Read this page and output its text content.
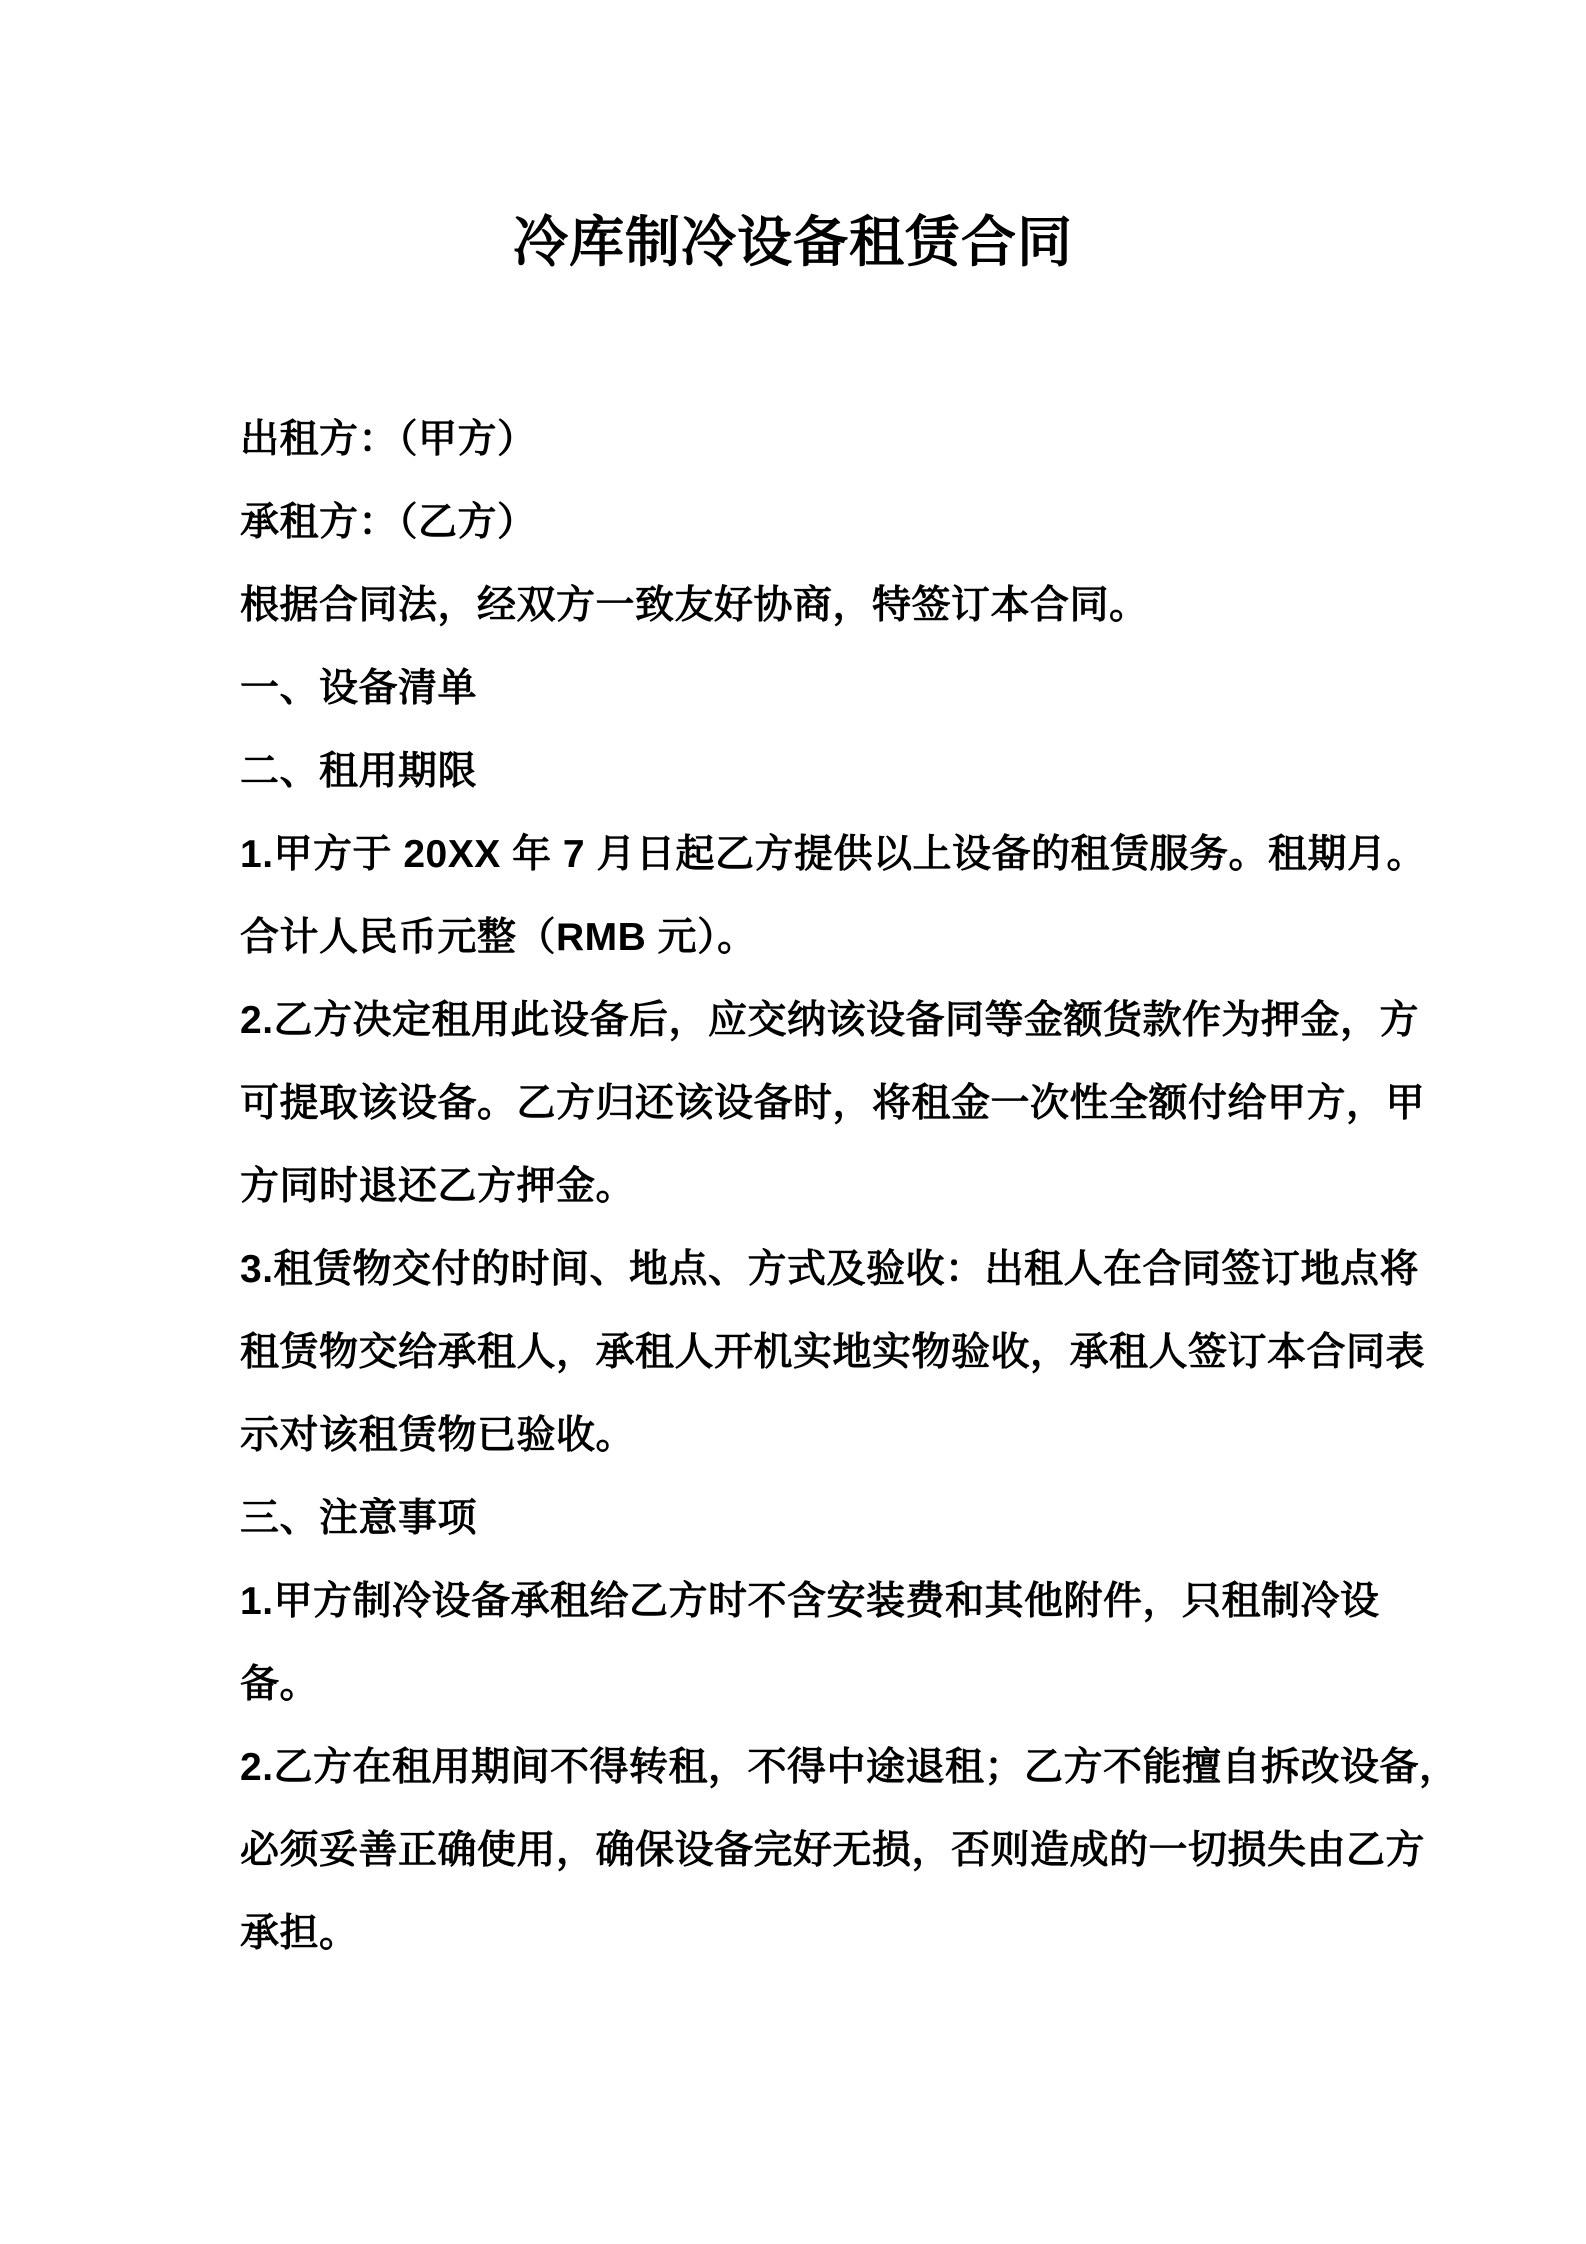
冷库制冷设备租赁合同
出租方：（甲方）
承租方：（乙方）
根据合同法，经双方一致友好协商，特签订本合同。
一、设备清单
二、租用期限
1.甲方于 20XX 年 7 月日起乙方提供以上设备的租赁服务。租期月。
合计人民币元整（RMB 元）。
2.乙方决定租用此设备后，应交纳该设备同等金额货款作为押金，方
可提取该设备。乙方归还该设备时，将租金一次性全额付给甲方，甲
方同时退还乙方押金。
3.租赁物交付的时间、地点、方式及验收：出租人在合同签订地点将
租赁物交给承租人，承租人开机实地实物验收，承租人签订本合同表
示对该租赁物已验收。
三、注意事项
1.甲方制冷设备承租给乙方时不含安装费和其他附件，只租制冷设
备。
2.乙方在租用期间不得转租，不得中途退租；乙方不能擅自拆改设备，
必须妥善正确使用，确保设备完好无损，否则造成的一切损失由乙方
承担。
